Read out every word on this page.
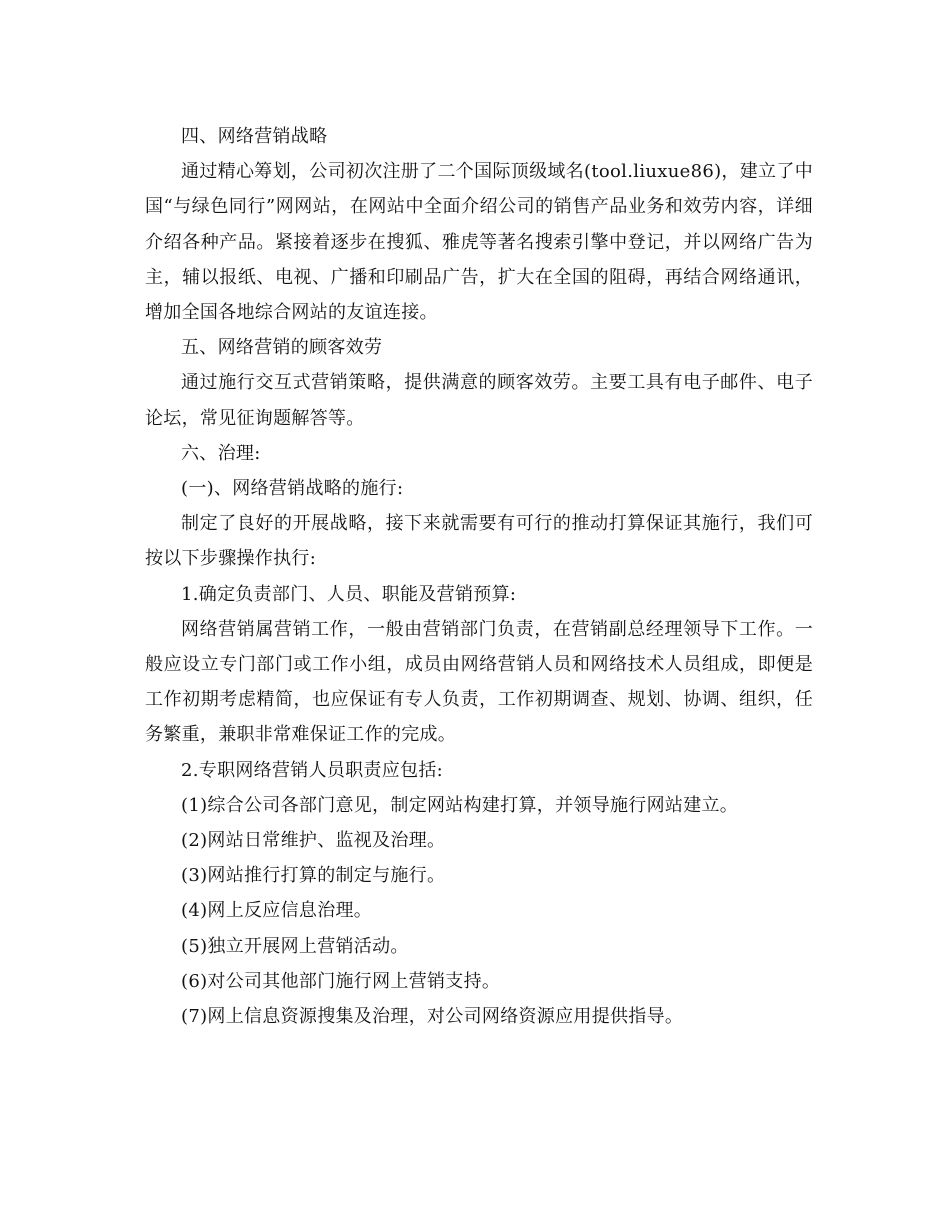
四、网络营销战略

通过精心筹划，公司初次注册了二个国际顶级域名(tool.liuxue86)，建立了中国“与绿色同行”网网站，在网站中全面介绍公司的销售产品业务和效劳内容，详细介绍各种产品。紧接着逐步在搜狐、雅虎等著名搜索引擎中登记，并以网络广告为主，辅以报纸、电视、广播和印刷品广告，扩大在全国的阻碍，再结合网络通讯，增加全国各地综合网站的友谊连接。

五、网络营销的顾客效劳

通过施行交互式营销策略，提供满意的顾客效劳。主要工具有电子邮件、电子论坛，常见征询题解答等。

六、治理:

(一)、网络营销战略的施行:

制定了良好的开展战略，接下来就需要有可行的推动打算保证其施行，我们可按以下步骤操作执行:

1.确定负责部门、人员、职能及营销预算:

网络营销属营销工作，一般由营销部门负责，在营销副总经理领导下工作。一般应设立专门部门或工作小组，成员由网络营销人员和网络技术人员组成，即便是工作初期考虑精简，也应保证有专人负责，工作初期调查、规划、协调、组织，任务繁重，兼职非常难保证工作的完成。

2.专职网络营销人员职责应包括:

(1)综合公司各部门意见，制定网站构建打算，并领导施行网站建立。

(2)网站日常维护、监视及治理。

(3)网站推行打算的制定与施行。

(4)网上反应信息治理。

(5)独立开展网上营销活动。

(6)对公司其他部门施行网上营销支持。

(7)网上信息资源搜集及治理，对公司网络资源应用提供指导。
